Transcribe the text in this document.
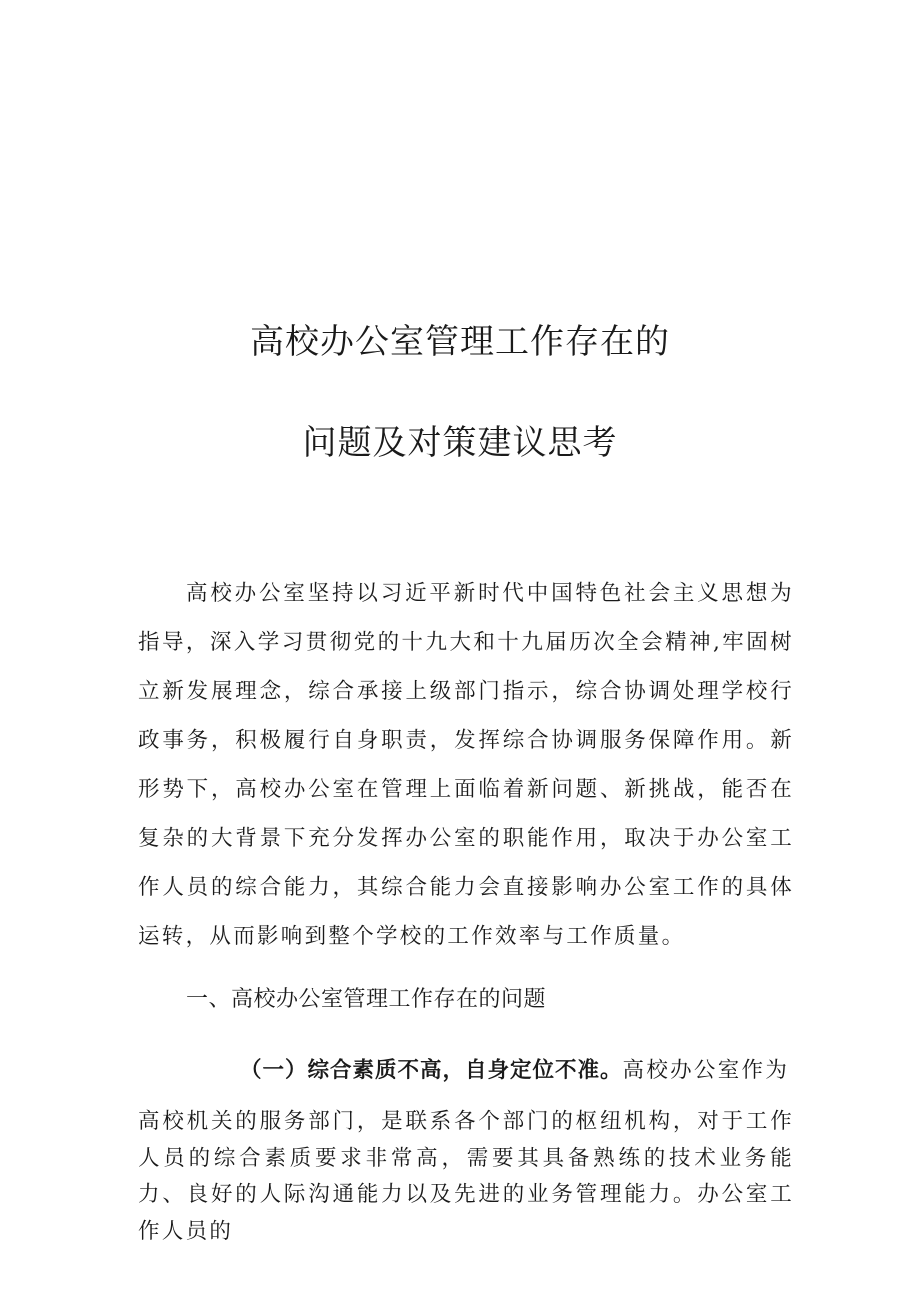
高校办公室管理工作存在的
问题及对策建议思考

高校办公室坚持以习近平新时代中国特色社会主义思想为指导，深入学习贯彻党的十九大和十九届历次全会精神,牢固树立新发展理念，综合承接上级部门指示，综合协调处理学校行政事务，积极履行自身职责，发挥综合协调服务保障作用。新形势下，高校办公室在管理上面临着新问题、新挑战，能否在复杂的大背景下充分发挥办公室的职能作用，取决于办公室工作人员的综合能力，其综合能力会直接影响办公室工作的具体运转，从而影响到整个学校的工作效率与工作质量。

一、高校办公室管理工作存在的问题

（一）综合素质不高，自身定位不准。高校办公室作为

高校机关的服务部门，是联系各个部门的枢纽机构，对于工作人员的综合素质要求非常高，需要其具备熟练的技术业务能力、良好的人际沟通能力以及先进的业务管理能力。办公室工作人员的
